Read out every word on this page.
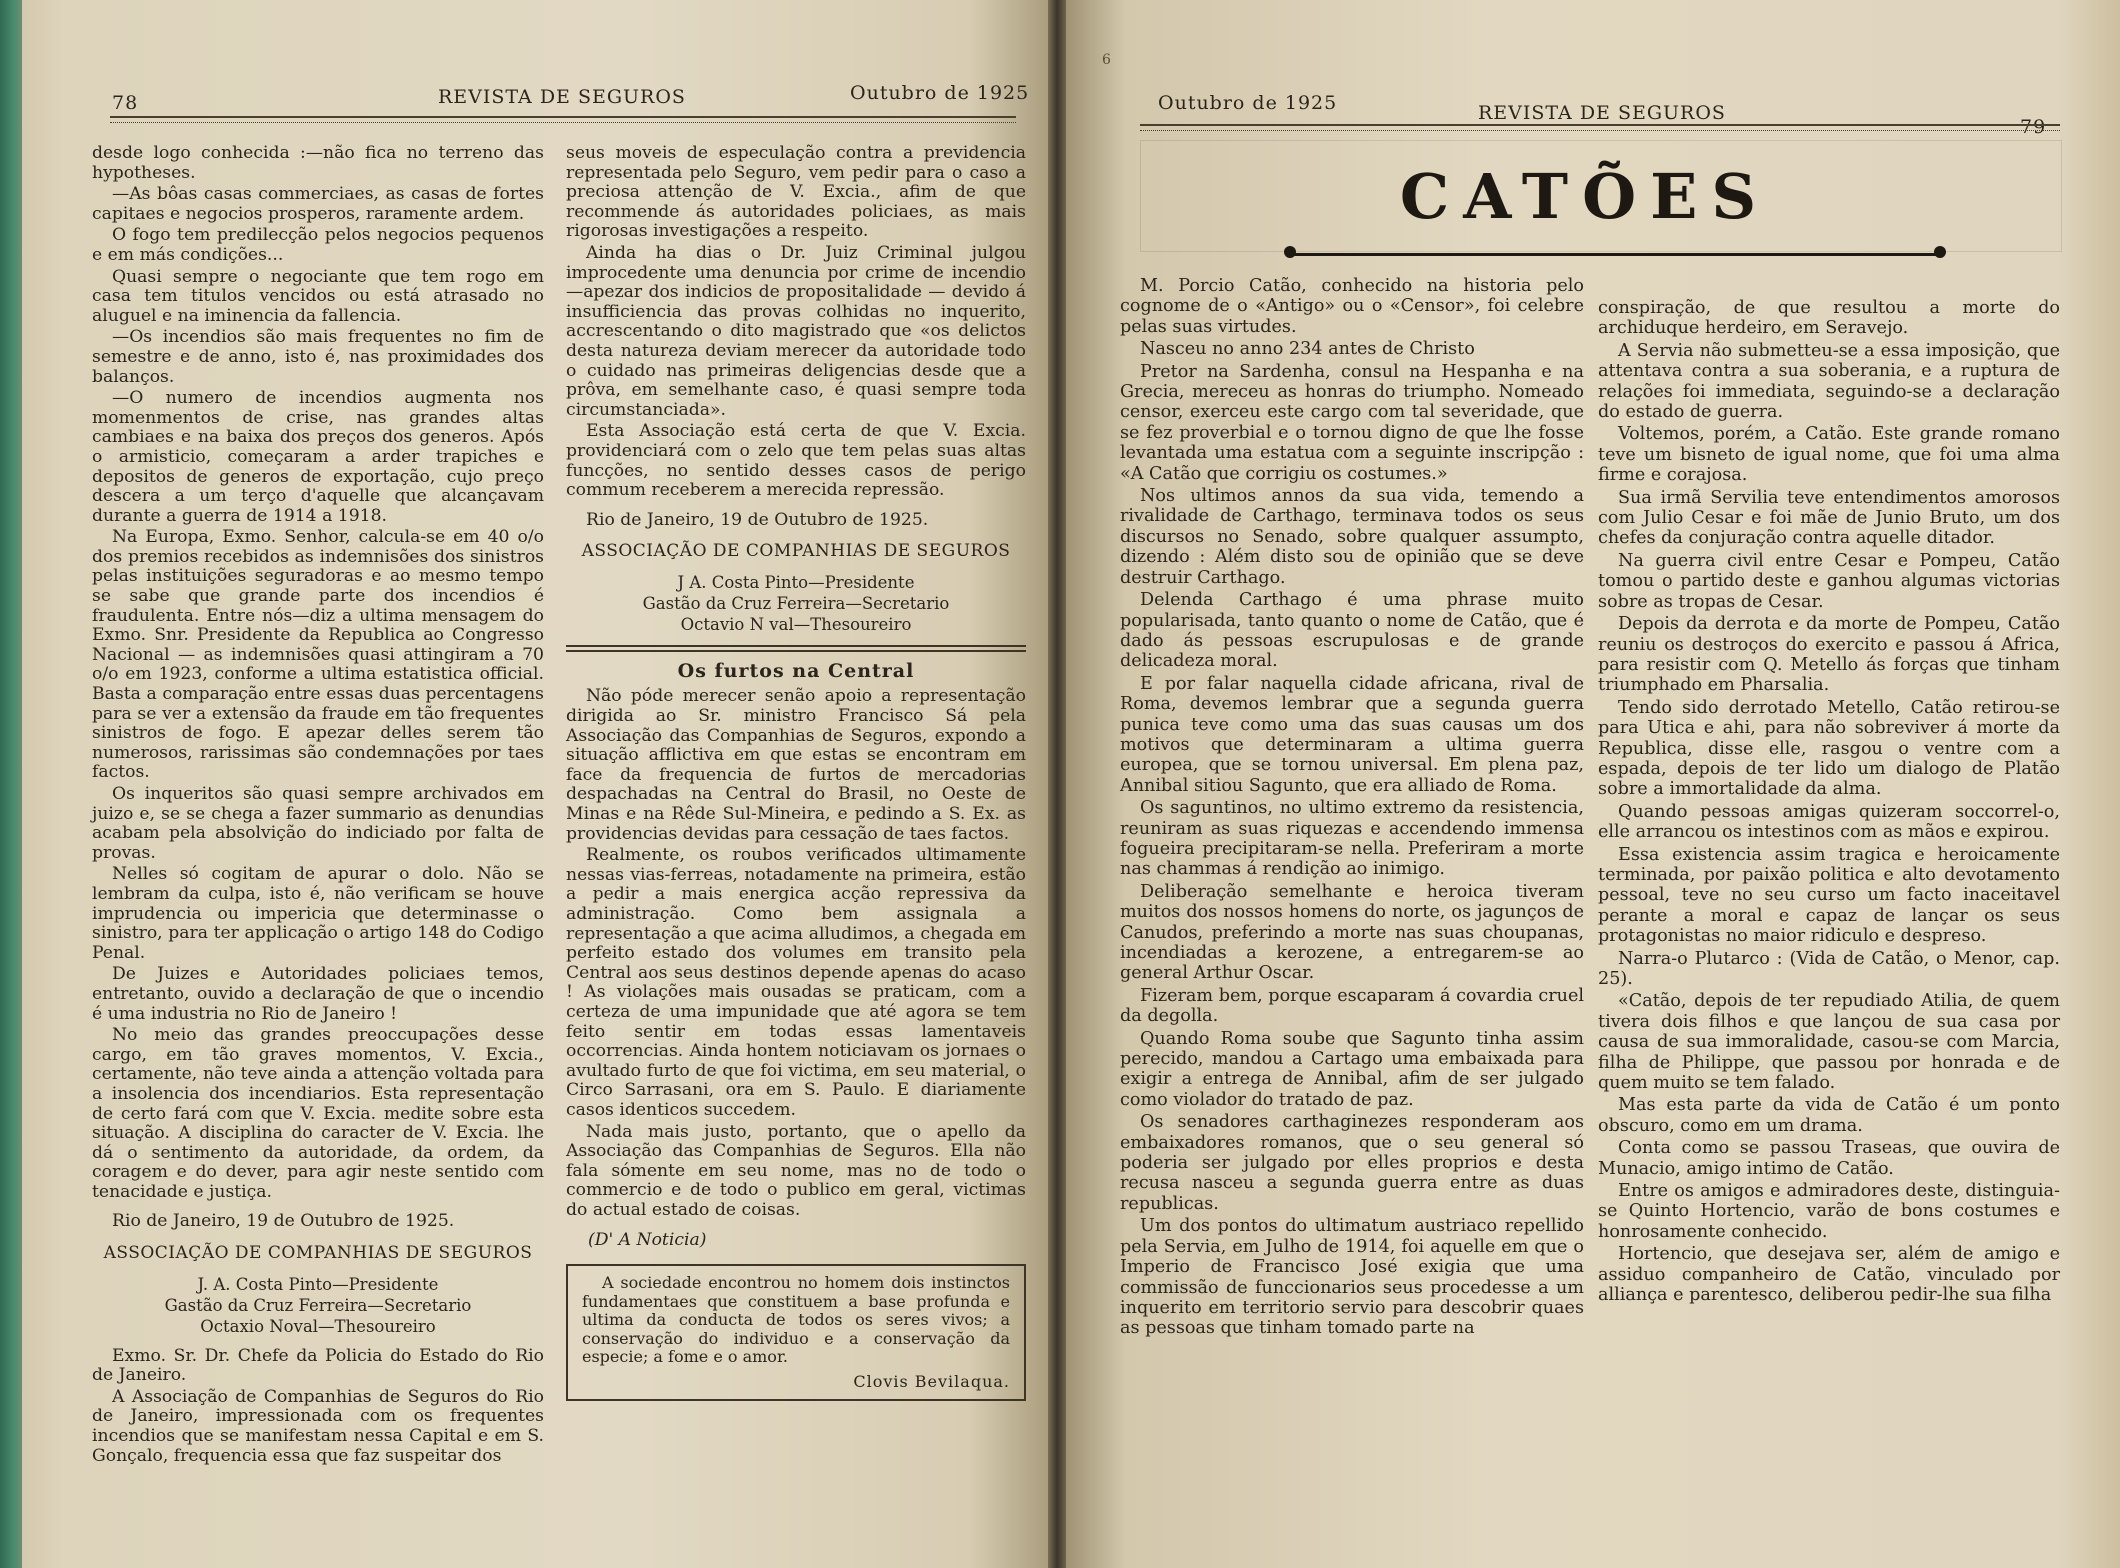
78	REVISTA DE SEGUROS	Outubro de 1925

desde logo conhecida :—não fica no terreno das hypotheses.

—As bôas casas commerciaes, as casas de fortes capitaes e negocios prosperos, raramente ardem.

O fogo tem predilecção pelos negocios pequenos e em más condições...

Quasi sempre o negociante que tem rogo em casa tem titulos vencidos ou está atrasado no aluguel e na iminencia da fallencia.

—Os incendios são mais frequentes no fim de semestre e de anno, isto é, nas proximidades dos balanços.

—O numero de incendios augmenta nos momenmentos de crise, nas grandes altas cambiaes e na baixa dos preços dos generos. Após o armisticio, começaram a arder trapiches e depositos de generos de exportação, cujo preço descera a um terço d'aquelle que alcançavam durante a guerra de 1914 a 1918.

Na Europa, Exmo. Senhor, calcula-se em 40 o/o dos premios recebidos as indemnisões dos sinistros pelas instituições seguradoras e ao mesmo tempo se sabe que grande parte dos incendios é fraudulenta. Entre nós—diz a ultima mensagem do Exmo. Snr. Presidente da Republica ao Congresso Nacional — as indemnisões quasi attingiram a 70 o/o em 1923, conforme a ultima estatistica official. Basta a comparação entre essas duas percentagens para se ver a extensão da fraude em tão frequentes sinistros de fogo. E apezar delles serem tão numerosos, rarissimas são condemnações por taes factos.

Os inqueritos são quasi sempre archivados em juizo e, se se chega a fazer summario as denundias acabam pela absolvição do indiciado por falta de provas.

Nelles só cogitam de apurar o dolo. Não se lembram da culpa, isto é, não verificam se houve imprudencia ou impericia que determinasse o sinistro, para ter applicação o artigo 148 do Codigo Penal.

De Juizes e Autoridades policiaes temos, entretanto, ouvido a declaração de que o incendio é uma industria no Rio de Janeiro !

No meio das grandes preoccupações desse cargo, em tão graves momentos, V. Excia., certamente, não teve ainda a attenção voltada para a insolencia dos incendiarios. Esta representação de certo fará com que V. Excia. medite sobre esta situação. A disciplina do caracter de V. Excia. lhe dá o sentimento da autoridade, da ordem, da coragem e do dever, para agir neste sentido com tenacidade e justiça.

Rio de Janeiro, 19 de Outubro de 1925.

ASSOCIAÇÃO DE COMPANHIAS DE SEGUROS

J. A. Costa Pinto—Presidente
Gastão da Cruz Ferreira—Secretario
Octaxio Noval—Thesoureiro

Exmo. Sr. Dr. Chefe da Policia do Estado do Rio de Janeiro.

A Associação de Companhias de Seguros do Rio de Janeiro, impressionada com os frequentes incendios que se manifestam nessa Capital e em S. Gonçalo, frequencia essa que faz suspeitar dos

seus moveis de especulação contra a previdencia representada pelo Seguro, vem pedir para o caso a preciosa attenção de V. Excia., afim de que recommende ás autoridades policiaes, as mais rigorosas investigações a respeito.

Ainda ha dias o Dr. Juiz Criminal julgou improcedente uma denuncia por crime de incendio—apezar dos indicios de propositalidade — devido á insufficiencia das provas colhidas no inquerito, accrescentando o dito magistrado que «os delictos desta natureza deviam merecer da autoridade todo o cuidado nas primeiras deligencias desde que a prôva, em semelhante caso, é quasi sempre toda circumstanciada».

Esta Associação está certa de que V. Excia. providenciará com o zelo que tem pelas suas altas funcções, no sentido desses casos de perigo commum receberem a merecida repressão.

Rio de Janeiro, 19 de Outubro de 1925.

ASSOCIAÇÃO DE COMPANHIAS DE SEGUROS

J A. Costa Pinto—Presidente
Gastão da Cruz Ferreira—Secretario
Octavio N val—Thesoureiro

Os furtos na Central

Não póde merecer senão apoio a representação dirigida ao Sr. ministro Francisco Sá pela Associação das Companhias de Seguros, expondo a situação afflictiva em que estas se encontram em face da frequencia de furtos de mercadorias despachadas na Central do Brasil, no Oeste de Minas e na Rêde Sul-Mineira, e pedindo a S. Ex. as providencias devidas para cessação de taes factos.

Realmente, os roubos verificados ultimamente nessas vias-ferreas, notadamente na primeira, estão a pedir a mais energica acção repressiva da administração. Como bem assignala a representação a que acima alludimos, a chegada em perfeito estado dos volumes em transito pela Central aos seus destinos depende apenas do acaso ! As violações mais ousadas se praticam, com a certeza de uma impunidade que até agora se tem feito sentir em todas essas lamentaveis occorrencias. Ainda hontem noticiavam os jornaes o avultado furto de que foi victima, em seu material, o Circo Sarrasani, ora em S. Paulo. E diariamente casos identicos succedem.

Nada mais justo, portanto, que o apello da Associação das Companhias de Seguros. Ella não fala sómente em seu nome, mas no de todo o commercio e de todo o publico em geral, victimas do actual estado de coisas.

(D' A Noticia)

A sociedade encontrou no homem dois instinctos fundamentaes que constituem a base profunda e ultima da conducta de todos os seres vivos; a conservação do individuo e a conservação da especie; a fome e o amor.

Clovis Bevilaqua.

6
Outubro de 1925	REVISTA DE SEGUROS
79
CATÕES

M. Porcio Catão, conhecido na historia pelo cognome de o «Antigo» ou o «Censor», foi celebre pelas suas virtudes.

Nasceu no anno 234 antes de Christo

Pretor na Sardenha, consul na Hespanha e na Grecia, mereceu as honras do triumpho. Nomeado censor, exerceu este cargo com tal severidade, que se fez proverbial e o tornou digno de que lhe fosse levantada uma estatua com a seguinte inscripção : «A Catão que corrigiu os costumes.»

Nos ultimos annos da sua vida, temendo a rivalidade de Carthago, terminava todos os seus discursos no Senado, sobre qualquer assumpto, dizendo : Além disto sou de opinião que se deve destruir Carthago.

Delenda Carthago é uma phrase muito popularisada, tanto quanto o nome de Catão, que é dado ás pessoas escrupulosas e de grande delicadeza moral.

E por falar naquella cidade africana, rival de Roma, devemos lembrar que a segunda guerra punica teve como uma das suas causas um dos motivos que determinaram a ultima guerra europea, que se tornou universal. Em plena paz, Annibal sitiou Sagunto, que era alliado de Roma.

Os saguntinos, no ultimo extremo da resistencia, reuniram as suas riquezas e accendendo immensa fogueira precipitaram-se nella. Preferiram a morte nas chammas á rendição ao inimigo.

Deliberação semelhante e heroica tiveram muitos dos nossos homens do norte, os jagunços de Canudos, preferindo a morte nas suas choupanas, incendiadas a kerozene, a entregarem-se ao general Arthur Oscar.

Fizeram bem, porque escaparam á covardia cruel da degolla.

Quando Roma soube que Sagunto tinha assim perecido, mandou a Cartago uma embaixada para exigir a entrega de Annibal, afim de ser julgado como violador do tratado de paz.

Os senadores carthaginezes responderam aos embaixadores romanos, que o seu general só poderia ser julgado por elles proprios e desta recusa nasceu a segunda guerra entre as duas republicas.

Um dos pontos do ultimatum austriaco repellido pela Servia, em Julho de 1914, foi aquelle em que o Imperio de Francisco José exigia que uma commissão de funccionarios seus procedesse a um inquerito em territorio servio para descobrir quaes as pessoas que tinham tomado parte na

conspiração, de que resultou a morte do archiduque herdeiro, em Seravejo.

A Servia não submetteu-se a essa imposição, que attentava contra a sua soberania, e a ruptura de relações foi immediata, seguindo-se a declaração do estado de guerra.

Voltemos, porém, a Catão. Este grande romano teve um bisneto de igual nome, que foi uma alma firme e corajosa.

Sua irmã Servilia teve entendimentos amorosos com Julio Cesar e foi mãe de Junio Bruto, um dos chefes da conjuração contra aquelle ditador.

Na guerra civil entre Cesar e Pompeu, Catão tomou o partido deste e ganhou algumas victorias sobre as tropas de Cesar.

Depois da derrota e da morte de Pompeu, Catão reuniu os destroços do exercito e passou á Africa, para resistir com Q. Metello ás forças que tinham triumphado em Pharsalia.

Tendo sido derrotado Metello, Catão retirou-se para Utica e ahi, para não sobreviver á morte da Republica, disse elle, rasgou o ventre com a espada, depois de ter lido um dialogo de Platão sobre a immortalidade da alma.

Quando pessoas amigas quizeram soccorrel-o, elle arrancou os intestinos com as mãos e expirou.

Essa existencia assim tragica e heroicamente terminada, por paixão politica e alto devotamento pessoal, teve no seu curso um facto inaceitavel perante a moral e capaz de lançar os seus protagonistas no maior ridiculo e despreso.

Narra-o Plutarco : (Vida de Catão, o Menor, cap. 25).

«Catão, depois de ter repudiado Atilia, de quem tivera dois filhos e que lançou de sua casa por causa de sua immoralidade, casou-se com Marcia, filha de Philippe, que passou por honrada e de quem muito se tem falado.

Mas esta parte da vida de Catão é um ponto obscuro, como em um drama.

Conta como se passou Traseas, que ouvira de Munacio, amigo intimo de Catão.

Entre os amigos e admiradores deste, distinguia-se Quinto Hortencio, varão de bons costumes e honrosamente conhecido.

Hortencio, que desejava ser, além de amigo e assiduo companheiro de Catão, vinculado por alliança e parentesco, deliberou pedir-lhe sua filha
